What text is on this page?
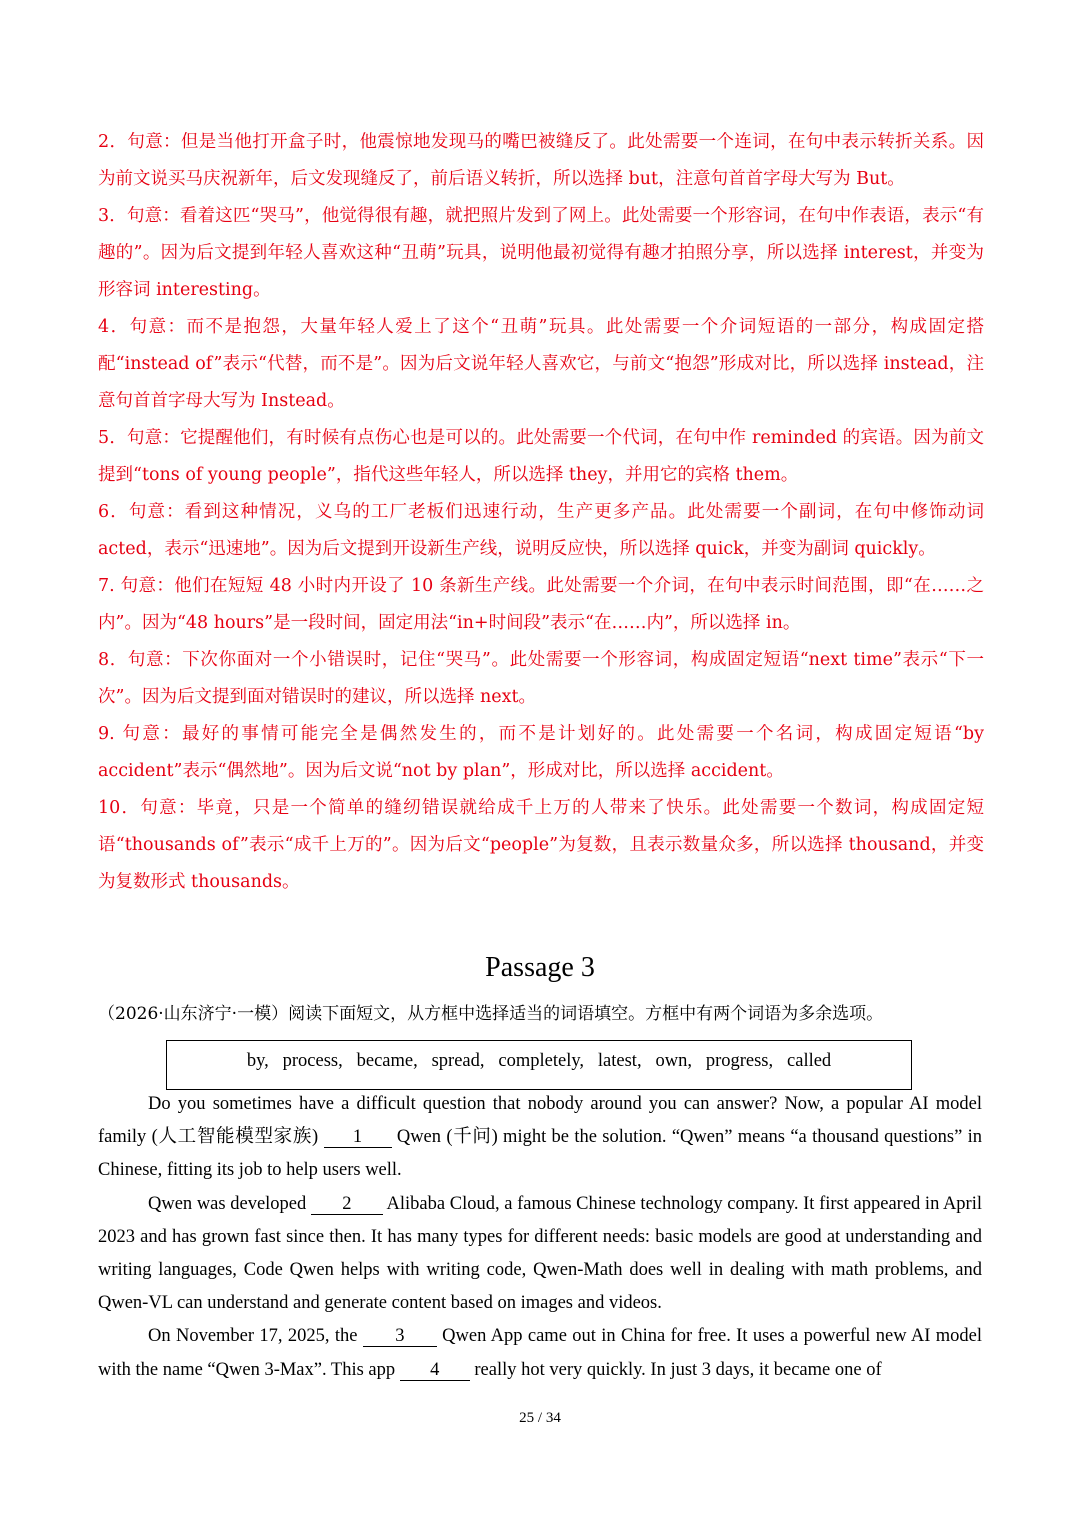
2．句意：但是当他打开盒子时，他震惊地发现马的嘴巴被缝反了。此处需要一个连词，在句中表示转折关系。因为前文说买马庆祝新年，后文发现缝反了，前后语义转折，所以选择 but，注意句首首字母大写为 But。

3．句意：看着这匹“哭马”，他觉得很有趣，就把照片发到了网上。此处需要一个形容词，在句中作表语，表示“有趣的”。因为后文提到年轻人喜欢这种“丑萌”玩具，说明他最初觉得有趣才拍照分享，所以选择 interest，并变为形容词 interesting。

4．句意：而不是抱怨，大量年轻人爱上了这个“丑萌”玩具。此处需要一个介词短语的一部分，构成固定搭配“instead of”表示“代替，而不是”。因为后文说年轻人喜欢它，与前文“抱怨”形成对比，所以选择 instead，注意句首首字母大写为 Instead。

5．句意：它提醒他们，有时候有点伤心也是可以的。此处需要一个代词，在句中作 reminded 的宾语。因为前文提到“tons of young people”，指代这些年轻人，所以选择 they，并用它的宾格 them。

6．句意：看到这种情况，义乌的工厂老板们迅速行动，生产更多产品。此处需要一个副词，在句中修饰动词 acted，表示“迅速地”。因为后文提到开设新生产线，说明反应快，所以选择 quick，并变为副词 quickly。

7. 句意：他们在短短 48 小时内开设了 10 条新生产线。此处需要一个介词，在句中表示时间范围，即“在……之内”。因为“48 hours”是一段时间，固定用法“in+时间段”表示“在……内”，所以选择 in。

8．句意：下次你面对一个小错误时，记住“哭马”。此处需要一个形容词，构成固定短语“next time”表示“下一次”。因为后文提到面对错误时的建议，所以选择 next。

9. 句意：最好的事情可能完全是偶然发生的，而不是计划好的。此处需要一个名词，构成固定短语“by accident”表示“偶然地”。因为后文说“not by plan”，形成对比，所以选择 accident。

10．句意：毕竟，只是一个简单的缝纫错误就给成千上万的人带来了快乐。此处需要一个数词，构成固定短语“thousands of”表示“成千上万的”。因为后文“people”为复数，且表示数量众多，所以选择 thousand，并变为复数形式 thousands。

Passage 3
（2026·山东济宁·一模）阅读下面短文，从方框中选择适当的词语填空。方框中有两个词语为多余选项。
by, process, became, spread, completely, latest, own, progress, called

Do you sometimes have a difficult question that nobody around you can answer? Now, a popular AI model family (人工智能模型家族) 1 Qwen (千问) might be the solution. “Qwen” means “a thousand questions” in Chinese, fitting its job to help users well.

Qwen was developed 2 Alibaba Cloud, a famous Chinese technology company. It first appeared in April 2023 and has grown fast since then. It has many types for different needs: basic models are good at understanding and writing languages, Code Qwen helps with writing code, Qwen-Math does well in dealing with math problems, and Qwen-VL can understand and generate content based on images and videos.

On November 17, 2025, the 3 Qwen App came out in China for free. It uses a powerful new AI model with the name “Qwen 3-Max”. This app 4 really hot very quickly. In just 3 days, it became one of

25 / 34
